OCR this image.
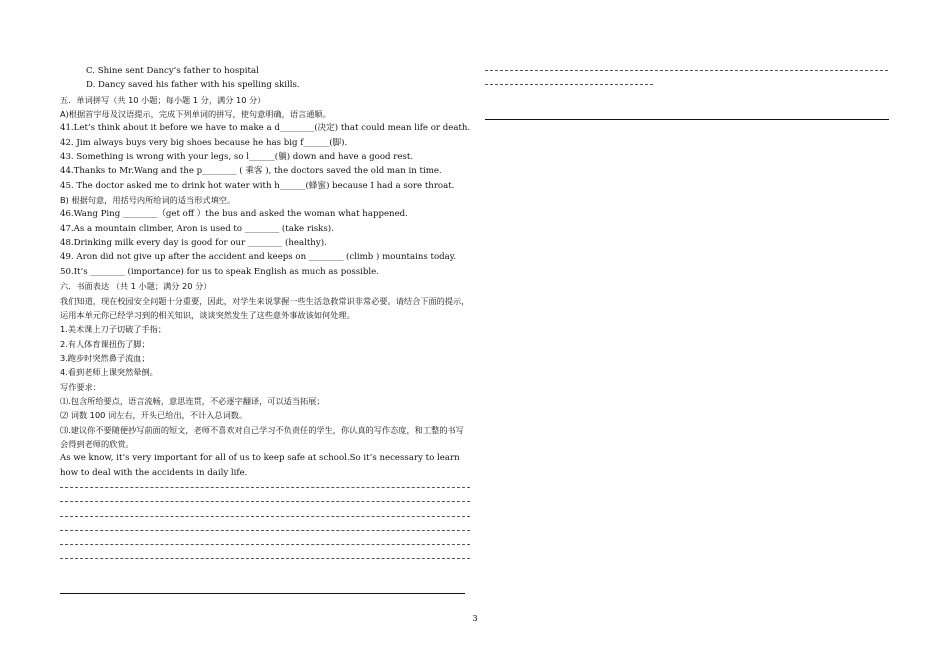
C. Shine sent Dancy’s father to hospital
D. Dancy saved his father with his spelling skills.
五．单词拼写（共 10 小题；每小题 1 分，满分 10 分）
A)根据首字母及汉语提示，完成下列单词的拼写，使句意明确，语言通顺。
41.Let’s think about it before we have to make a d________(决定) that could mean life or death.
42. Jim always buys very big shoes because he has big f______(脚).
43. Something is wrong with your legs, so l______(躺) down and have a good rest.
44.Thanks to Mr.Wang and the p________ ( 乘客 ), the doctors saved the old man in time.
45. The doctor asked me to drink hot water with h______(蜂蜜) because I had a sore throat.
B) 根据句意，用括号内所给词的适当形式填空。
46.Wang Ping ________（get off ）the bus and asked the woman what happened.
47.As a mountain climber, Aron is used to ________ (take risks).
48.Drinking milk every day is good for our ________ (healthy).
49. Aron did not give up after the accident and keeps on ________ (climb ) mountains today.
50.It’s ________ (importance) for us to speak English as much as possible.
六．书面表达 （共 1 小题；满分 20 分）
我们知道，现在校园安全问题十分重要，因此，对学生来说掌握一些生活急救常识非常必要。请结合下面的提示，运用本单元你已经学习到的相关知识，谈谈突然发生了这些意外事故该如何处理。
1.美术课上刀子切破了手指；
2.有人体育课扭伤了脚；
3.跑步时突然鼻子流血；
4.看到老师上课突然晕倒。
写作要求：
⑴.包含所给要点，语言流畅，意思连贯，不必逐字翻译，可以适当拓展；
⑵ 词数 100 词左右，开头已给出，不计入总词数。
⑶.建议你不要随便抄写前面的短文，老师不喜欢对自己学习不负责任的学生，你认真的写作态度，和工整的书写会得到老师的欣赏。
As we know, it’s very important for all of us to keep safe at school.So it’s necessary to learn how to deal with the accidents in daily life.
3
